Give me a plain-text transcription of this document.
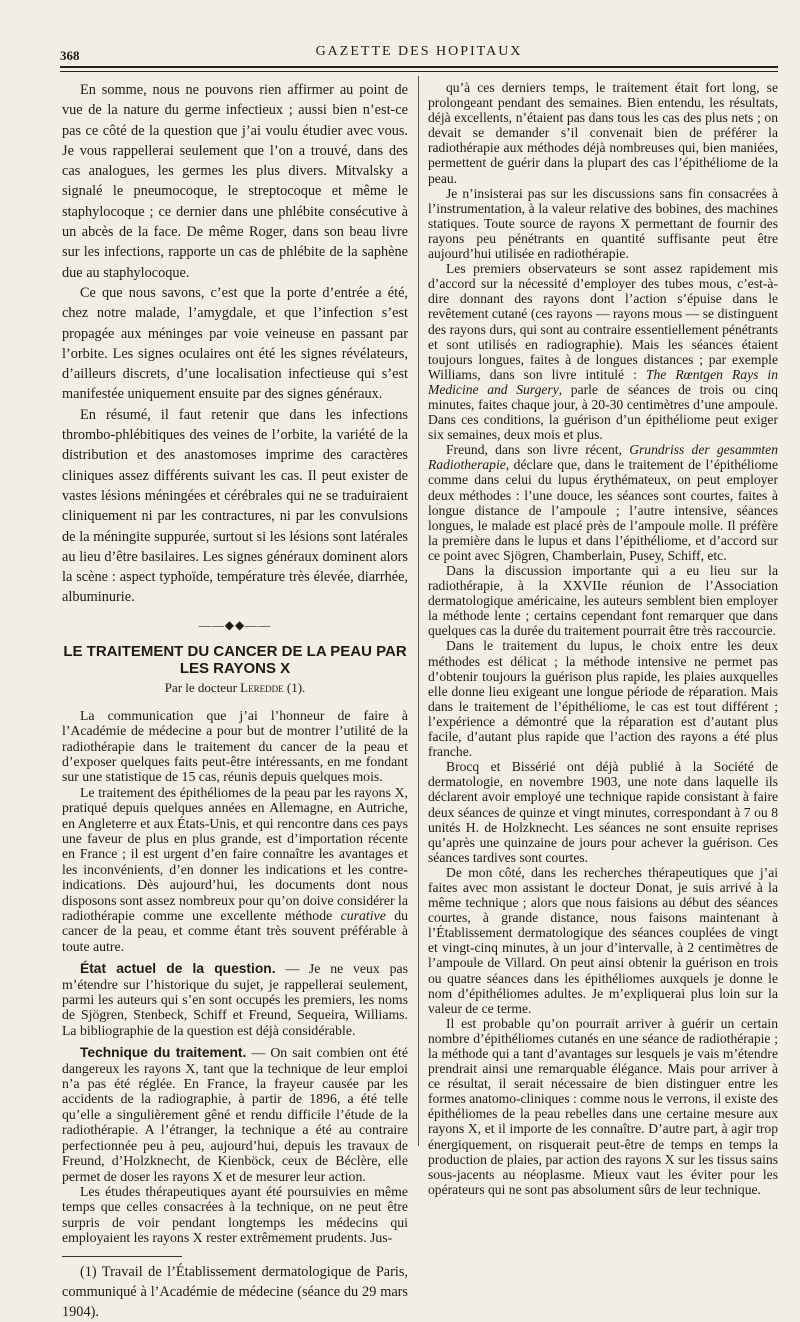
368	GAZETTE DES HOPITAUX

En somme, nous ne pouvons rien affirmer au point de vue de la nature du germe infectieux ; aussi bien n’est-ce pas ce côté de la question que j’ai voulu étudier avec vous. Je vous rappellerai seulement que l’on a trouvé, dans des cas analogues, les germes les plus divers. Mitvalsky a signalé le pneumocoque, le streptocoque et même le staphylocoque ; ce dernier dans une phlébite consécutive à un abcès de la face. De même Roger, dans son beau livre sur les infections, rapporte un cas de phlébite de la saphène due au staphylocoque.

Ce que nous savons, c’est que la porte d’entrée a été, chez notre malade, l’amygdale, et que l’infection s’est propagée aux méninges par voie veineuse en passant par l’orbite. Les signes oculaires ont été les signes révélateurs, d’ailleurs discrets, d’une localisation infectieuse qui s’est manifestée uniquement ensuite par des signes généraux.

En résumé, il faut retenir que dans les infections thrombo-phlébitiques des veines de l’orbite, la variété de la distribution et des anastomoses imprime des caractères cliniques assez différents suivant les cas. Il peut exister de vastes lésions méningées et cérébrales qui ne se traduiraient cliniquement ni par les contractures, ni par les convulsions de la méningite suppurée, surtout si les lésions sont latérales au lieu d’être basilaires. Les signes généraux dominent alors la scène : aspect typhoïde, température très élevée, diarrhée, albuminurie.

——◆◆——
LE TRAITEMENT DU CANCER DE LA PEAU PAR LES RAYONS X
Par le docteur Leredde (1).

La communication que j’ai l’honneur de faire à l’Académie de médecine a pour but de montrer l’utilité de la radiothérapie dans le traitement du cancer de la peau et d’exposer quelques faits peut-être intéressants, en me fondant sur une statistique de 15 cas, réunis depuis quelques mois.

Le traitement des épithéliomes de la peau par les rayons X, pratiqué depuis quelques années en Allemagne, en Autriche, en Angleterre et aux États-Unis, et qui rencontre dans ces pays une faveur de plus en plus grande, est d’importation récente en France ; il est urgent d’en faire connaître les avantages et les inconvénients, d’en donner les indications et les contre-indications. Dès aujourd’hui, les documents dont nous disposons sont assez nombreux pour qu’on doive considérer la radiothérapie comme une excellente méthode curative du cancer de la peau, et comme étant très souvent préférable à toute autre.

État actuel de la question. — Je ne veux pas m’étendre sur l’historique du sujet, je rappellerai seulement, parmi les auteurs qui s’en sont occupés les premiers, les noms de Sjögren, Stenbeck, Schiff et Freund, Sequeira, Williams. La bibliographie de la question est déjà considérable.

Technique du traitement. — On sait combien ont été dangereux les rayons X, tant que la technique de leur emploi n’a pas été réglée. En France, la frayeur causée par les accidents de la radiographie, à partir de 1896, a été telle qu’elle a singulièrement gêné et rendu difficile l’étude de la radiothérapie. A l’étranger, la technique a été au contraire perfectionnée peu à peu, aujourd’hui, depuis les travaux de Freund, d’Holzknecht, de Kienböck, ceux de Béclère, elle permet de doser les rayons X et de mesurer leur action.

Les études thérapeutiques ayant été poursuivies en même temps que celles consacrées à la technique, on ne peut être surpris de voir pendant longtemps les médecins qui employaient les rayons X rester extrêmement prudents. Jus-

(1) Travail de l’Établissement dermatologique de Paris, communiqué à l’Académie de médecine (séance du 29 mars 1904).

qu’à ces derniers temps, le traitement était fort long, se prolongeant pendant des semaines. Bien entendu, les résultats, déjà excellents, n’étaient pas dans tous les cas des plus nets ; on devait se demander s’il convenait bien de préférer la radiothérapie aux méthodes déjà nombreuses qui, bien maniées, permettent de guérir dans la plupart des cas l’épithéliome de la peau.

Je n’insisterai pas sur les discussions sans fin consacrées à l’instrumentation, à la valeur relative des bobines, des machines statiques. Toute source de rayons X permettant de fournir des rayons peu pénétrants en quantité suffisante peut être aujourd’hui utilisée en radiothérapie.

Les premiers observateurs se sont assez rapidement mis d’accord sur la nécessité d’employer des tubes mous, c’est-à-dire donnant des rayons dont l’action s’épuise dans le revêtement cutané (ces rayons — rayons mous — se distinguent des rayons durs, qui sont au contraire essentiellement pénétrants et sont utilisés en radiographie). Mais les séances étaient toujours longues, faites à de longues distances ; par exemple Williams, dans son livre intitulé : The Rœntgen Rays in Medicine and Surgery, parle de séances de trois ou cinq minutes, faites chaque jour, à 20-30 centimètres d’une ampoule. Dans ces conditions, la guérison d’un épithéliome peut exiger six semaines, deux mois et plus.

Freund, dans son livre récent, Grundriss der gesammten Radiotherapie, déclare que, dans le traitement de l’épithéliome comme dans celui du lupus érythémateux, on peut employer deux méthodes : l’une douce, les séances sont courtes, faites à longue distance de l’ampoule ; l’autre intensive, séances longues, le malade est placé près de l’ampoule molle. Il préfère la première dans le lupus et dans l’épithéliome, et d’accord sur ce point avec Sjögren, Chamberlain, Pusey, Schiff, etc.

Dans la discussion importante qui a eu lieu sur la radiothérapie, à la XXVIIe réunion de l’Association dermatologique américaine, les auteurs semblent bien employer la méthode lente ; certains cependant font remarquer que dans quelques cas la durée du traitement pourrait être très raccourcie.

Dans le traitement du lupus, le choix entre les deux méthodes est délicat ; la méthode intensive ne permet pas d’obtenir toujours la guérison plus rapide, les plaies auxquelles elle donne lieu exigeant une longue période de réparation. Mais dans le traitement de l’épithéliome, le cas est tout différent ; l’expérience a démontré que la réparation est d’autant plus facile, d’autant plus rapide que l’action des rayons a été plus franche.

Brocq et Bissérié ont déjà publié à la Société de dermatologie, en novembre 1903, une note dans laquelle ils déclarent avoir employé une technique rapide consistant à faire deux séances de quinze et vingt minutes, correspondant à 7 ou 8 unités H. de Holzknecht. Les séances ne sont ensuite reprises qu’après une quinzaine de jours pour achever la guérison. Ces séances tardives sont courtes.

De mon côté, dans les recherches thérapeutiques que j’ai faites avec mon assistant le docteur Donat, je suis arrivé à la même technique ; alors que nous faisions au début des séances courtes, à grande distance, nous faisons maintenant à l’Établissement dermatologique des séances couplées de vingt et vingt-cinq minutes, à un jour d’intervalle, à 2 centimètres de l’ampoule de Villard. On peut ainsi obtenir la guérison en trois ou quatre séances dans les épithéliomes auxquels je donne le nom d’épithéliomes adultes. Je m’expliquerai plus loin sur la valeur de ce terme.

Il est probable qu’on pourrait arriver à guérir un certain nombre d’épithéliomes cutanés en une séance de radiothérapie ; la méthode qui a tant d’avantages sur lesquels je vais m’étendre prendrait ainsi une remarquable élégance. Mais pour arriver à ce résultat, il serait nécessaire de bien distinguer entre les formes anatomo-cliniques : comme nous le verrons, il existe des épithéliomes de la peau rebelles dans une certaine mesure aux rayons X, et il importe de les connaître. D’autre part, à agir trop énergiquement, on risquerait peut-être de temps en temps la production de plaies, par action des rayons X sur les tissus sains sous-jacents au néoplasme. Mieux vaut les éviter pour les opérateurs qui ne sont pas absolument sûrs de leur technique.
